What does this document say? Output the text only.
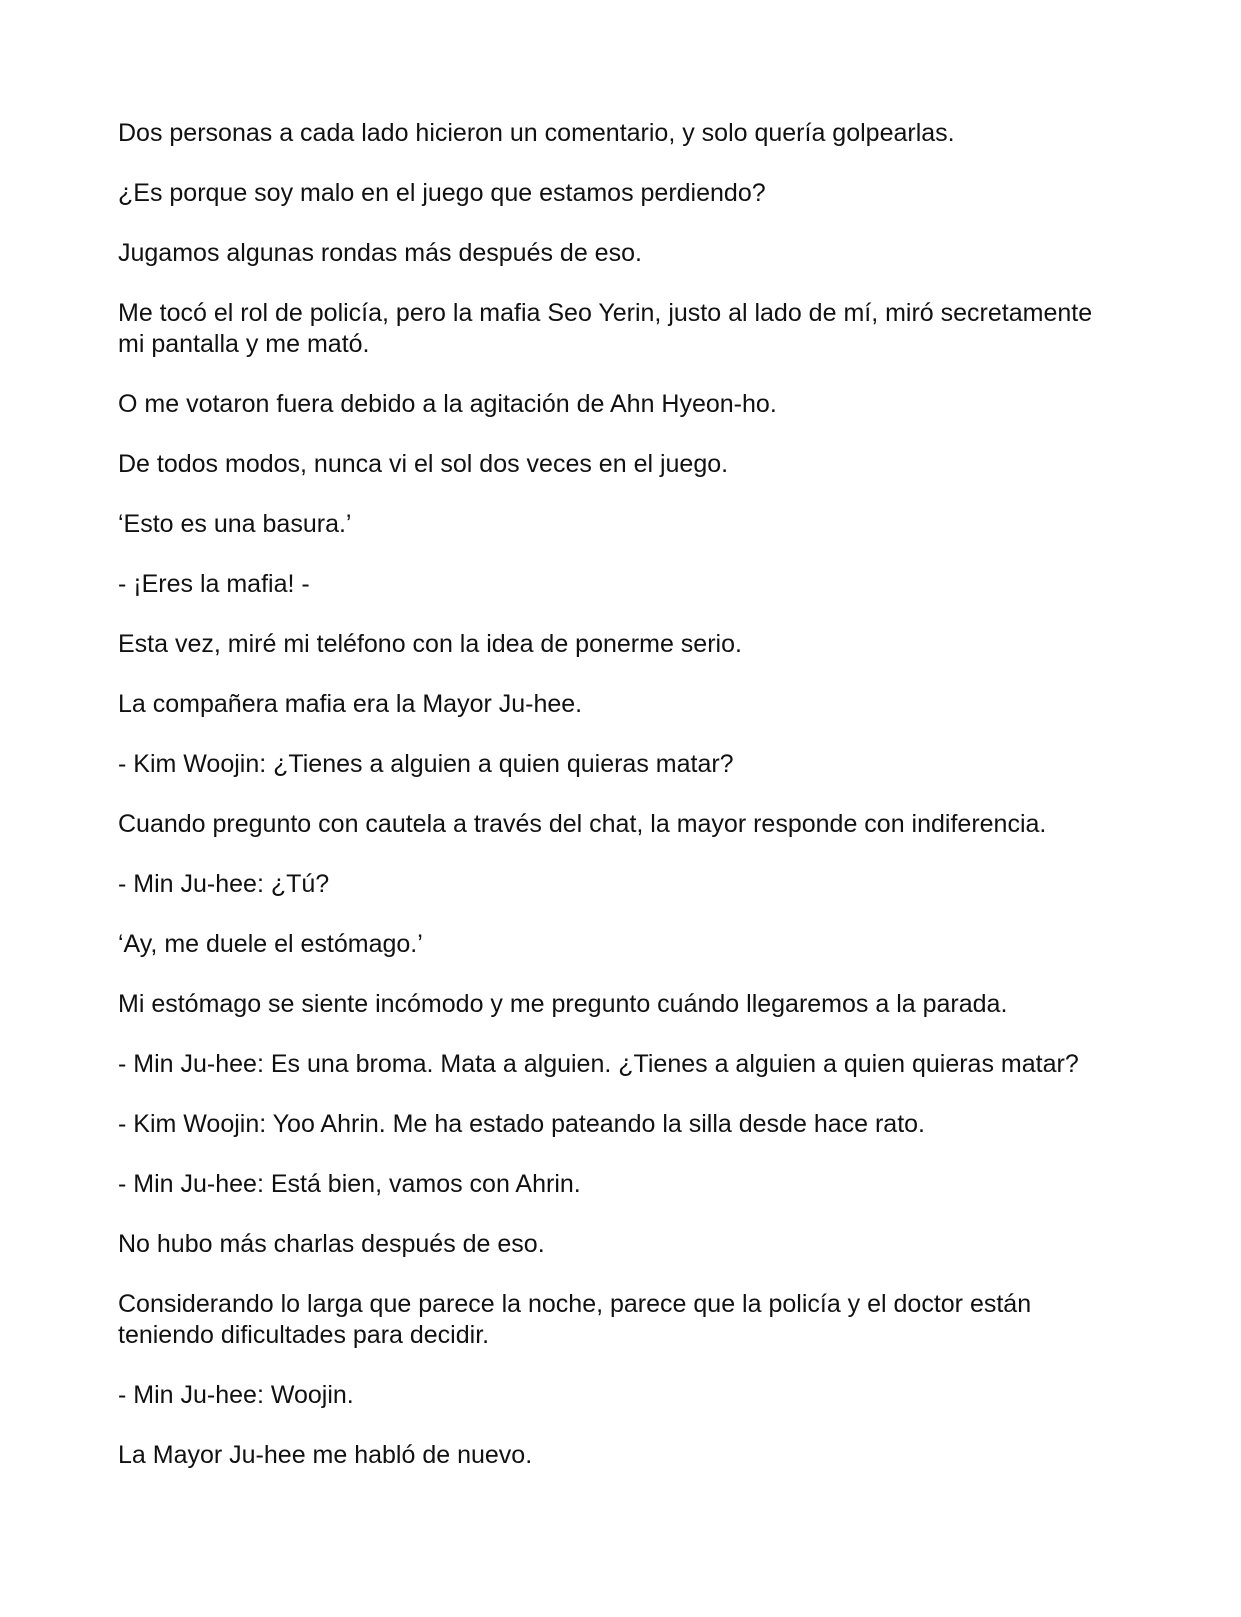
Dos personas a cada lado hicieron un comentario, y solo quería golpearlas.

¿Es porque soy malo en el juego que estamos perdiendo?

Jugamos algunas rondas más después de eso.

Me tocó el rol de policía, pero la mafia Seo Yerin, justo al lado de mí, miró secretamente mi pantalla y me mató.

O me votaron fuera debido a la agitación de Ahn Hyeon-ho.

De todos modos, nunca vi el sol dos veces en el juego.

‘Esto es una basura.’

- ¡Eres la mafia! -

Esta vez, miré mi teléfono con la idea de ponerme serio.

La compañera mafia era la Mayor Ju-hee.

- Kim Woojin: ¿Tienes a alguien a quien quieras matar?

Cuando pregunto con cautela a través del chat, la mayor responde con indiferencia.

- Min Ju-hee: ¿Tú?

‘Ay, me duele el estómago.’

Mi estómago se siente incómodo y me pregunto cuándo llegaremos a la parada.

- Min Ju-hee: Es una broma. Mata a alguien. ¿Tienes a alguien a quien quieras matar?

- Kim Woojin: Yoo Ahrin. Me ha estado pateando la silla desde hace rato.

- Min Ju-hee: Está bien, vamos con Ahrin.

No hubo más charlas después de eso.

Considerando lo larga que parece la noche, parece que la policía y el doctor están teniendo dificultades para decidir.

- Min Ju-hee: Woojin.

La Mayor Ju-hee me habló de nuevo.
